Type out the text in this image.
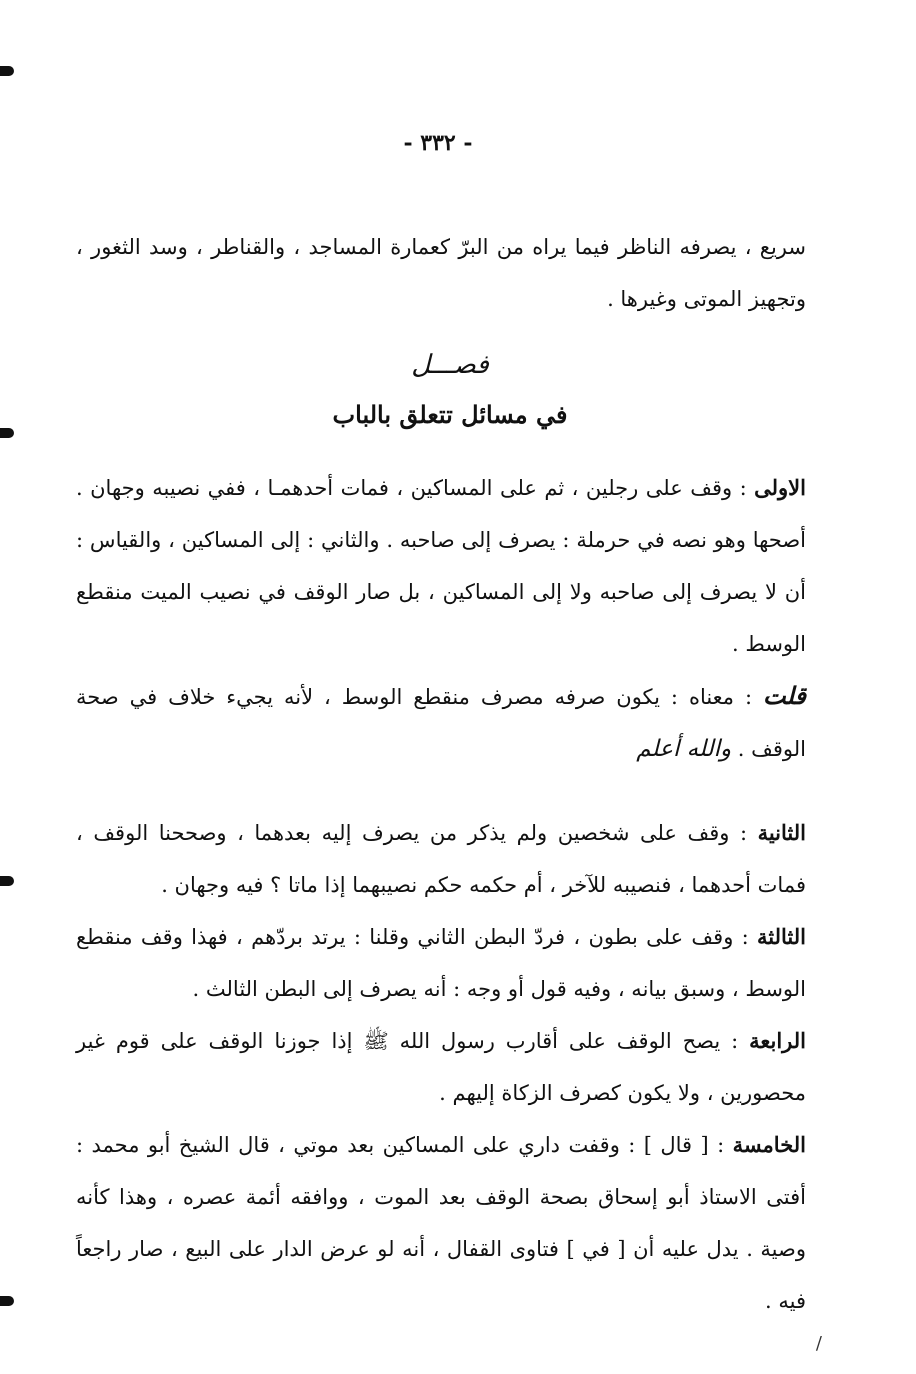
- ٣٣٢ -

سريع ، يصرفه الناظر فيما يراه من البرّ كعمارة المساجد ، والقناطر ، وسد الثغور ، وتجهيز الموتى وغيرها .

فصـــل
في مسائل تتعلق بالباب

الاولى : وقف على رجلين ، ثم على المساكين ، فمات أحدهمـا ، ففي نصيبه وجهان . أصحها وهو نصه في حرملة : يصرف إلى صاحبه . والثاني : إلى المساكين ، والقياس : أن لا يصرف إلى صاحبه ولا إلى المساكين ، بل صار الوقف في نصيب الميت منقطع الوسط .

قلت : معناه : يكون صرفه مصرف منقطع الوسط ، لأنه يجيء خلاف في صحة الوقف . والله أعلم

الثانية : وقف على شخصين ولم يذكر من يصرف إليه بعدهما ، وصححنا الوقف ، فمات أحدهما ، فنصيبه للآخر ، أم حكمه حكم نصيبهما إذا ماتا ؟ فيه وجهان .

الثالثة : وقف على بطون ، فردّ البطن الثاني وقلنا : يرتد بردّهم ، فهذا وقف منقطع الوسط ، وسبق بيانه ، وفيه قول أو وجه : أنه يصرف إلى البطن الثالث .

الرابعة : يصح الوقف على أقارب رسول الله ﷺ إذا جوزنا الوقف على قوم غير محصورين ، ولا يكون كصرف الزكاة إليهم .

الخامسة : [ قال ] : وقفت داري على المساكين بعد موتي ، قال الشيخ أبو محمد : أفتى الاستاذ أبو إسحاق بصحة الوقف بعد الموت ، ووافقه أئمة عصره ، وهذا كأنه وصية . يدل عليه أن [ في ] فتاوى القفال ، أنه لو عرض الدار على البيع ، صار راجعاً فيه .

/
